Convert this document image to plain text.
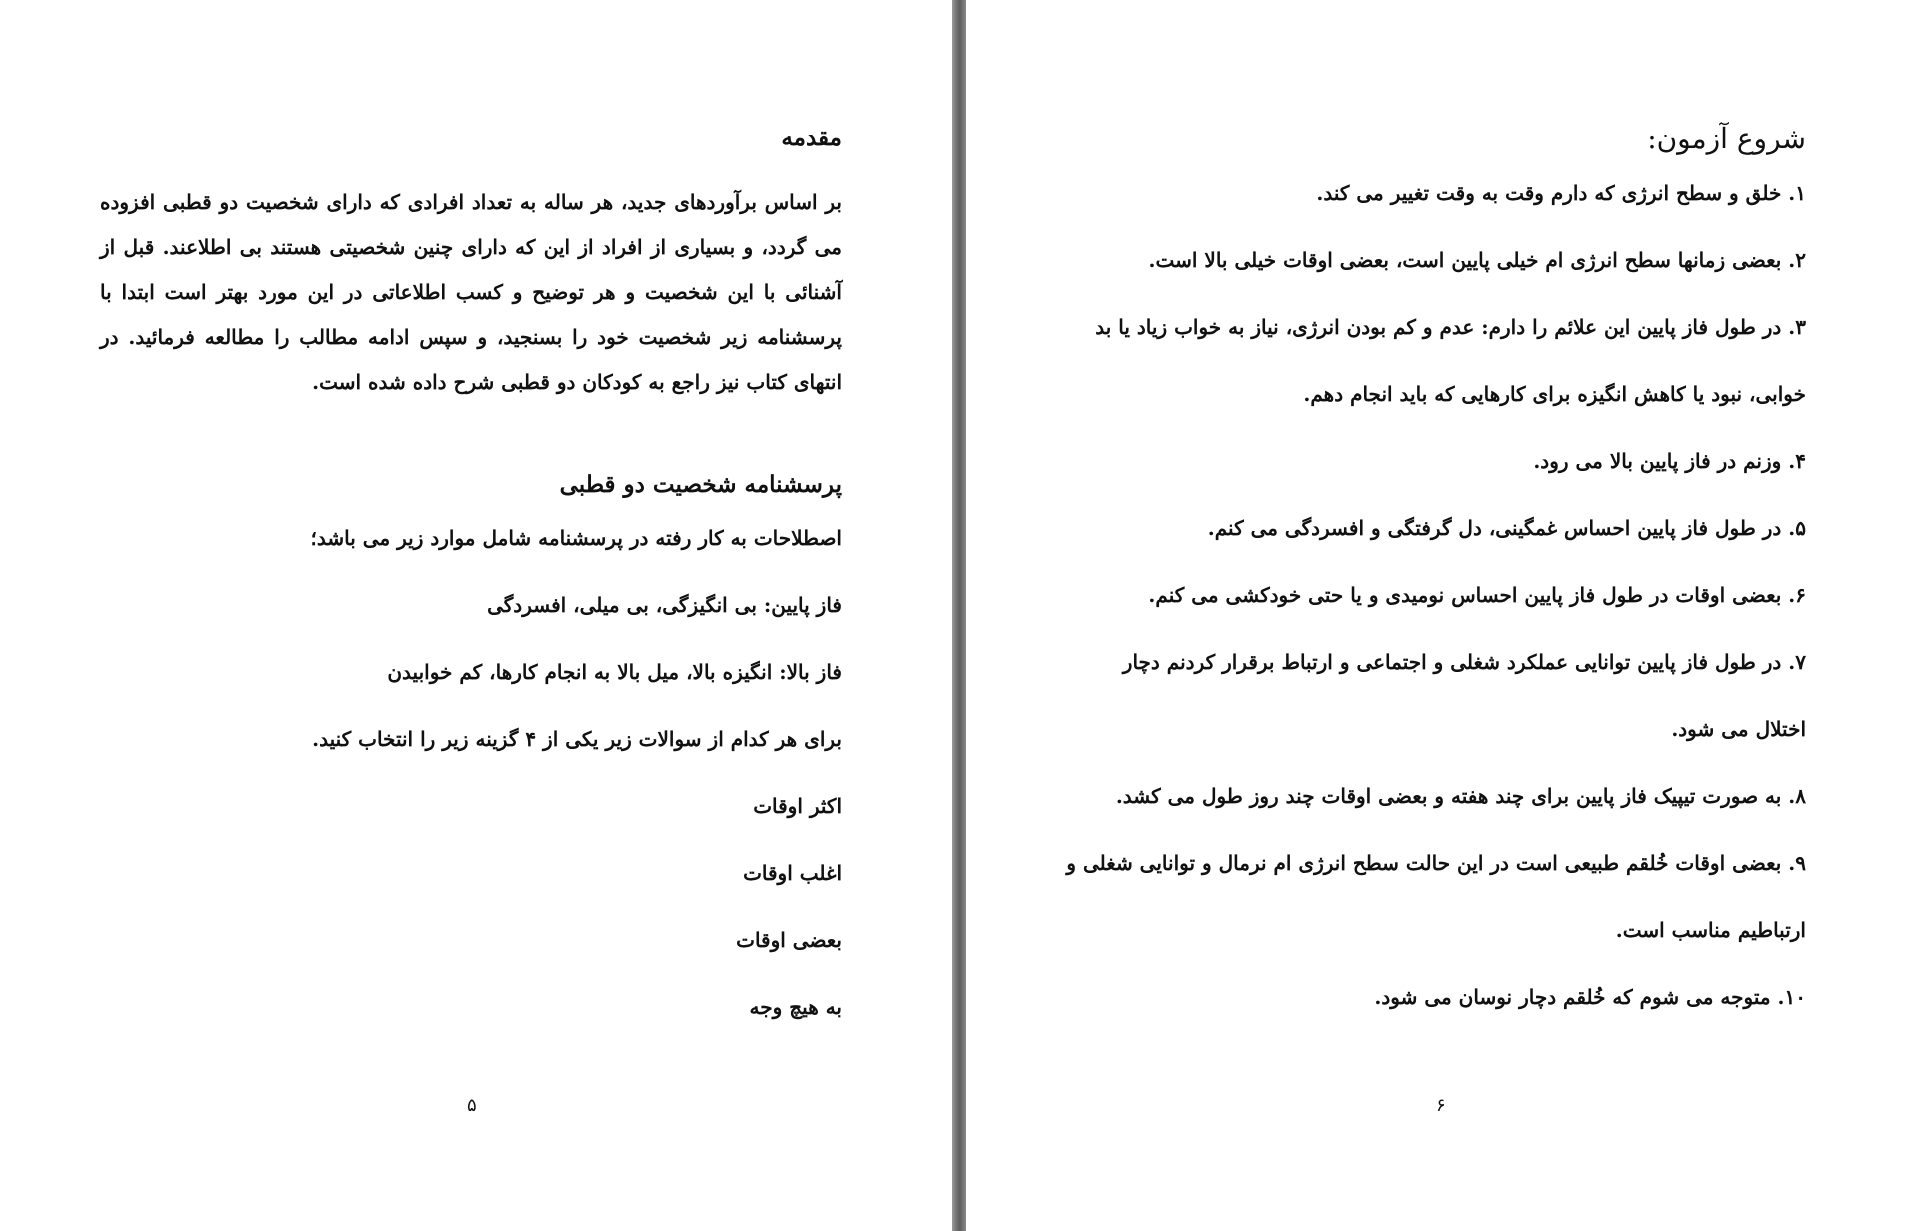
مقدمه

بر اساس برآوردهای جدید، هر ساله به تعداد افرادی که دارای شخصیت دو قطبی افزوده می گردد، و بسیاری از افراد از این که دارای چنین شخصیتی هستند بی اطلاعند. قبل از آشنائی با این شخصیت و هر توضیح و کسب اطلاعاتی در این مورد بهتر است ابتدا با پرسشنامه زیر شخصیت خود را بسنجید، و سپس ادامه مطالب را مطالعه فرمائید. در انتهای کتاب نیز راجع به کودکان دو قطبی شرح داده شده است.

پرسشنامه شخصیت دو قطبی

اصطلاحات به کار رفته در پرسشنامه شامل موارد زیر می باشد؛

فاز پایین: بی انگیزگی، بی میلی، افسردگی

فاز بالا: انگیزه بالا، میل بالا به انجام کارها، کم خوابیدن

برای هر کدام از سوالات زیر یکی از ۴ گزینه زیر را انتخاب کنید.

اکثر اوقات

اغلب اوقات

بعضی اوقات

به هیچ وجه

۵
شروع آزمون:

۱. خلق و سطح انرژی که دارم وقت به وقت تغییر می کند.

۲. بعضی زمانها سطح انرژی ام خیلی پایین است، بعضی اوقات خیلی بالا است.

۳. در طول فاز پایین این علائم را دارم: عدم و کم بودن انرژی، نیاز به خواب زیاد یا بد خوابی، نبود یا کاهش انگیزه برای کارهایی که باید انجام دهم.

۴. وزنم در فاز پایین بالا می رود.

۵. در طول فاز پایین احساس غمگینی، دل گرفتگی و افسردگی می کنم.

۶. بعضی اوقات در طول فاز پایین احساس نومیدی و یا حتی خودکشی می کنم.

۷. در طول فاز پایین توانایی عملکرد شغلی و اجتماعی و ارتباط برقرار کردنم دچار اختلال می شود.

۸. به صورت تیپیک فاز پایین برای چند هفته و بعضی اوقات چند روز طول می کشد.

۹. بعضی اوقات خُلقم طبیعی است در این حالت سطح انرژی ام نرمال و توانایی شغلی و ارتباطیم مناسب است.

۱۰. متوجه می شوم که خُلقم دچار نوسان می شود.

۶
